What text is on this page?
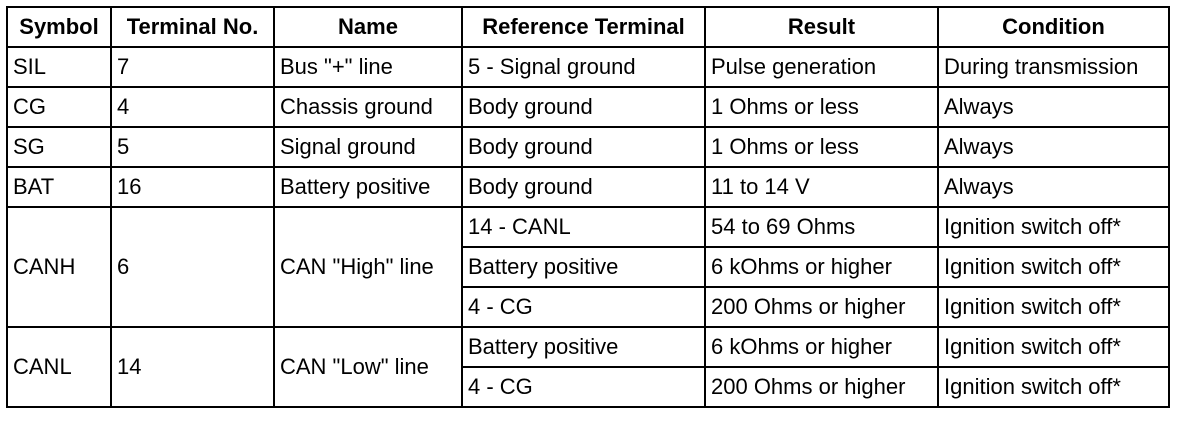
Symbol	Terminal No.	Name	Reference Terminal	Result	Condition
SIL	7	Bus "+" line	5 - Signal ground	Pulse generation	During transmission
CG	4	Chassis ground	Body ground	1 Ohms or less	Always
SG	5	Signal ground	Body ground	1 Ohms or less	Always
BAT	16	Battery positive	Body ground	11 to 14 V	Always
CANH	6	CAN "High" line	14 - CANL	54 to 69 Ohms	Ignition switch off*
			Battery positive	6 kOhms or higher	Ignition switch off*
			4 - CG	200 Ohms or higher	Ignition switch off*
CANL	14	CAN "Low" line	Battery positive	6 kOhms or higher	Ignition switch off*
			4 - CG	200 Ohms or higher	Ignition switch off*
